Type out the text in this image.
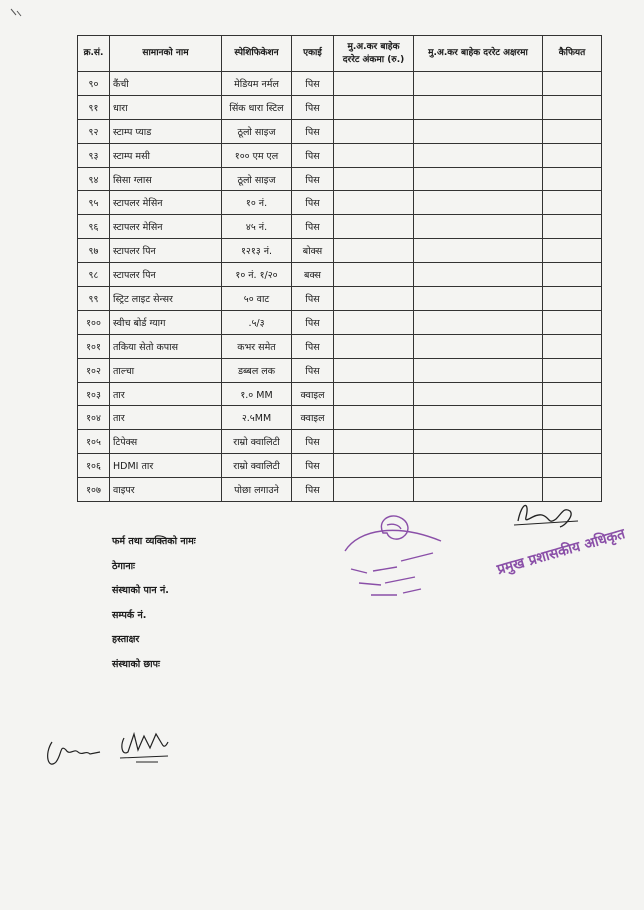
क्र.सं.	सामानको नाम	स्पेशिफिकेशन	एकाई	मु.अ.कर बाहेक
दररेट अंकमा (रु.)	मु.अ.कर बाहेक दररेट अक्षरमा	कैफियत
९०	कैंची	मेडियम नर्मल	पिस			
९१	धारा	सिंक धारा स्टिल	पिस			
९२	स्टाम्प प्याड	ठूलो साइज	पिस			
९३	स्टाम्प मसी	१०० एम एल	पिस			
९४	सिसा ग्लास	ठूलो साइज	पिस			
९५	स्टापलर मेसिन	१० नं.	पिस			
९६	स्टापलर मेसिन	४५ नं.	पिस			
९७	स्टापलर पिन	१२१३ नं.	बोक्स			
९८	स्टापलर पिन	१० नं. १/२०	बक्स			
९९	स्ट्रिट लाइट सेन्सर	५० वाट	पिस			
१००	स्वीच बोर्ड ग्याग	.५/३	पिस			
१०१	तकिया सेतो कपास	कभर समेत	पिस			
१०२	ताल्चा	डब्बल लक	पिस			
१०३	तार	१.० MM	क्वाइल			
१०४	तार	२.५MM	क्वाइल			
१०५	टिपेक्स	राम्रो क्वालिटी	पिस			
१०६	HDMI तार	राम्रो क्वालिटी	पिस			
१०७	वाइपर	पोछा लगाउने	पिस			
फर्म तथा व्यक्तिको नामः
ठेगानाः
संस्थाको पान नं.
सम्पर्क नं.
हस्ताक्षर
संस्थाको छापः
प्रमुख प्रशासकीय अधिकृत
